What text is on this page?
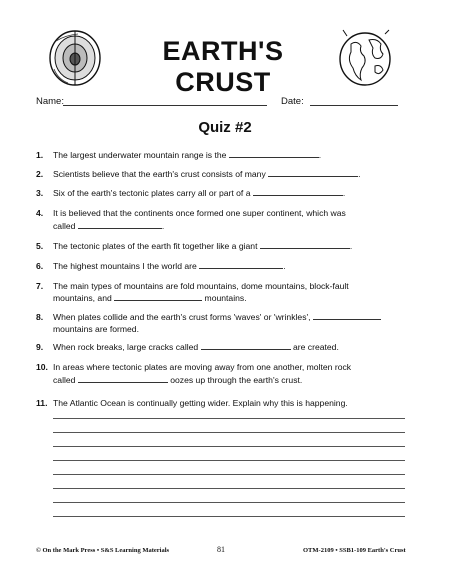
EARTH'S CRUST
Name:	Date:
Quiz #2
1.	The largest underwater mountain range is the	.
2.	Scientists believe that the earth's crust consists of many	.
3.	Six of the earth's tectonic plates carry all or part of a	.
4.	It is believed that the continents once formed one super continent, which was
called	.
5.	The tectonic plates of the earth fit together like a giant	.
6.	The highest mountains I the world are	.
7.	The main types of mountains are fold mountains, dome mountains, block-fault
mountains, and	mountains.
8.	When plates collide and the earth's crust forms 'waves' or 'wrinkles',
mountains are formed.
9.	When rock breaks, large cracks called	are created.
10. In areas where tectonic plates are moving away from one another, molten rock
called	oozes up through the earth's crust.
11. The Atlantic Ocean is continually getting wider. Explain why this is happening.
© On the Mark Press • S&S Learning Materials	81	OTM-2109 • SSB1-109 Earth's Crust
